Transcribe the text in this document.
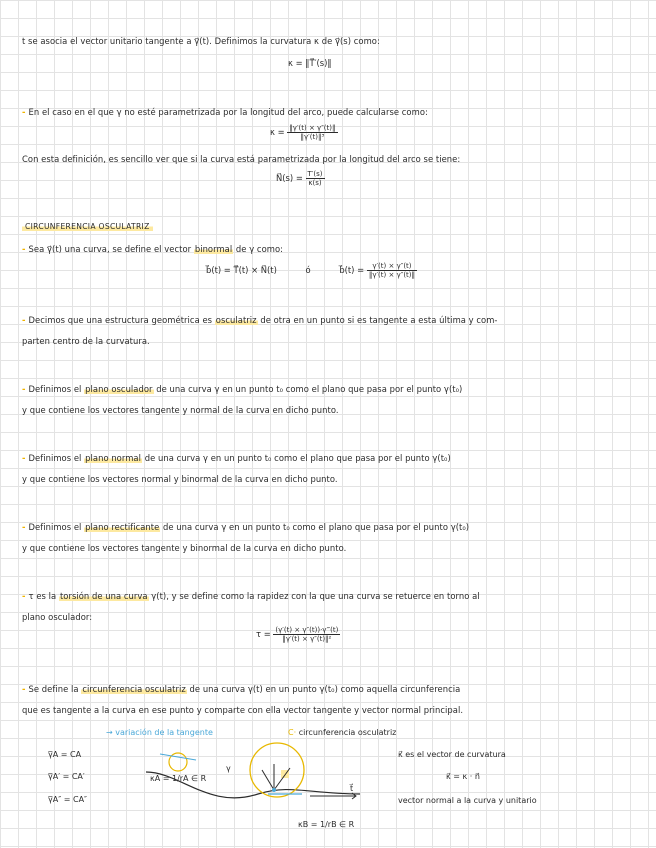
t se asocia el vector unitario tangente a γ⃗(t). Definimos la curvatura κ de γ⃗(s) como:
κ = ‖T⃗′(s)‖
- En el caso en el que γ no esté parametrizada por la longitud del arco, puede calcularse como:
$\kappa = \frac{‖\gamma'(t) \times \gamma''(t)‖}{\text{‖γ′(t)‖³}}$
Con esta definición, es sencillo ver que si la curva está parametrizada por la longitud del arco se tiene:
N⃗(s) = $\frac{T'(s)}{\kappa(s)}$
CIRCUNFERENCIA OSCULATRIZ
- Sea γ⃗(t) una curva, se define el vector binormal de γ como:
b⃗(t) = T⃗(t) × N⃗(t)	ó	b⃗(t) = $\frac{\gamma'(t) \times \gamma''(t)}{‖\gamma'(t) \times \gamma''(t)‖}$
- Decimos que una estructura geométrica es osculatriz de otra en un punto si es tangente a esta última y com-
parten centro de la curvatura.
- Definimos el plano osculador de una curva γ en un punto t₀ como el plano que pasa por el punto γ(t₀)
y que contiene los vectores tangente y normal de la curva en dicho punto.
- Definimos el plano normal de una curva γ en un punto t₀ como el plano que pasa por el punto γ(t₀)
y que contiene los vectores normal y binormal de la curva en dicho punto.
- Definimos el plano rectificante de una curva γ en un punto t₀ como el plano que pasa por el punto γ(t₀)
y que contiene los vectores tangente y binormal de la curva en dicho punto.
- τ es la torsión de una curva γ(t), y se define como la rapidez con la que una curva se retuerce en torno al
plano osculador:
$\tau = \frac{(\gamma'(t) \times \gamma''(t))\cdot\gamma‴(t)}{\text{‖γ′(t) × γ″(t)‖²}}$
- Se define la circunferencia osculatriz de una curva γ(t) en un punto γ(t₀) como aquella circunferencia
que es tangente a la curva en ese punto y comparte con ella vector tangente y vector normal principal.
→ variación de la tangente	C· circunferencia osculatriz
γ̅A = CA
γ̅A′ = CA′
γ̅A″ = CA″
κA = 1/rA ∈ R
κB = 1/rB ∈ R
γ
t⃗
κ⃗ es el vector de curvatura
κ⃗ = κ · n⃗
vector normal a la curva y unitario
